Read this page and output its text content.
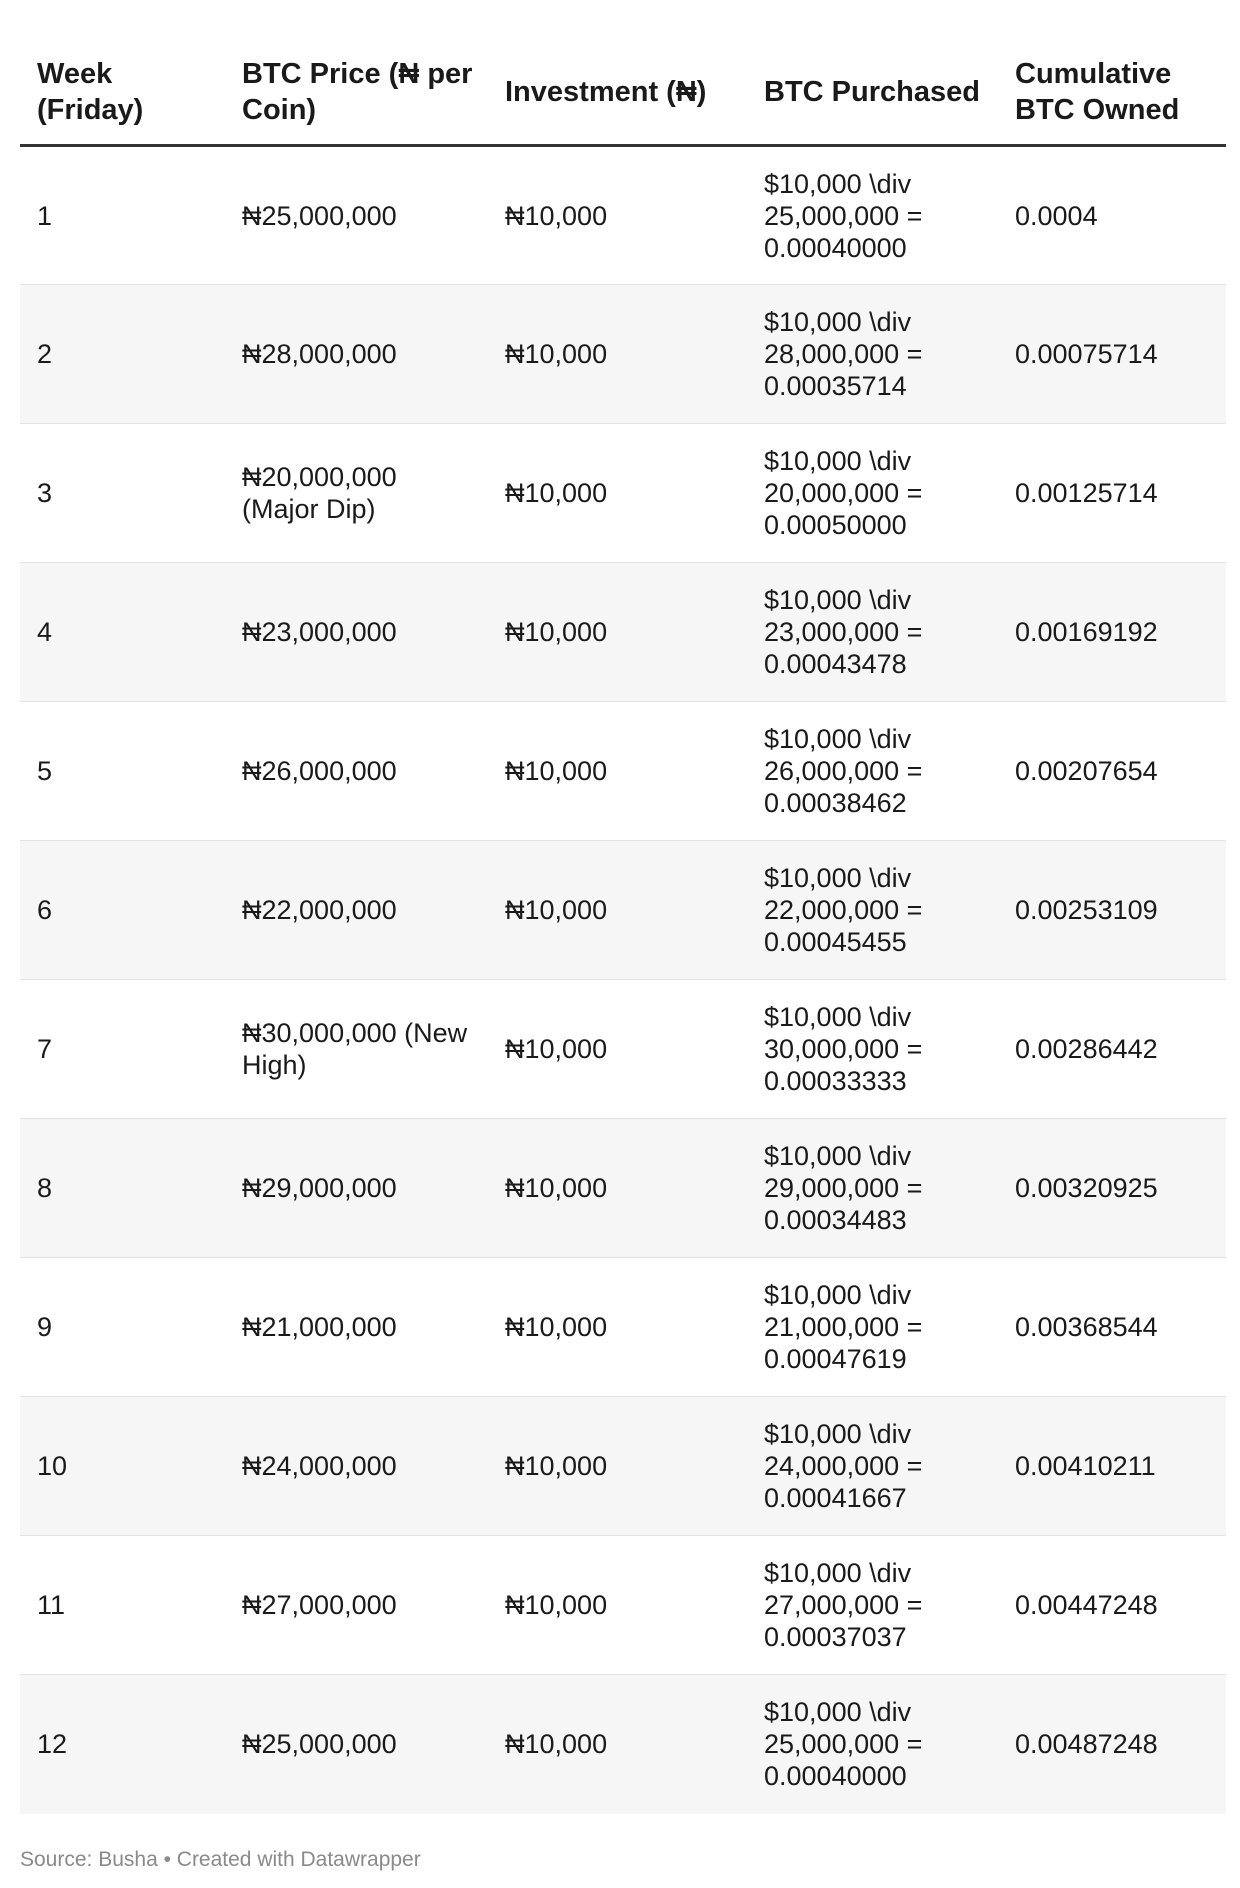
Week (Friday)	BTC Price (₦ per Coin)	Investment (₦)	BTC Purchased	Cumulative BTC Owned
1	₦25,000,000	₦10,000	$10,000 \div 25,000,000 = 0.00040000	0.0004
2	₦28,000,000	₦10,000	$10,000 \div 28,000,000 = 0.00035714	0.00075714
3	₦20,000,000 (Major Dip)	₦10,000	$10,000 \div 20,000,000 = 0.00050000	0.00125714
4	₦23,000,000	₦10,000	$10,000 \div 23,000,000 = 0.00043478	0.00169192
5	₦26,000,000	₦10,000	$10,000 \div 26,000,000 = 0.00038462	0.00207654
6	₦22,000,000	₦10,000	$10,000 \div 22,000,000 = 0.00045455	0.00253109
7	₦30,000,000 (New High)	₦10,000	$10,000 \div 30,000,000 = 0.00033333	0.00286442
8	₦29,000,000	₦10,000	$10,000 \div 29,000,000 = 0.00034483	0.00320925
9	₦21,000,000	₦10,000	$10,000 \div 21,000,000 = 0.00047619	0.00368544
10	₦24,000,000	₦10,000	$10,000 \div 24,000,000 = 0.00041667	0.00410211
11	₦27,000,000	₦10,000	$10,000 \div 27,000,000 = 0.00037037	0.00447248
12	₦25,000,000	₦10,000	$10,000 \div 25,000,000 = 0.00040000	0.00487248
Source: Busha • Created with Datawrapper
